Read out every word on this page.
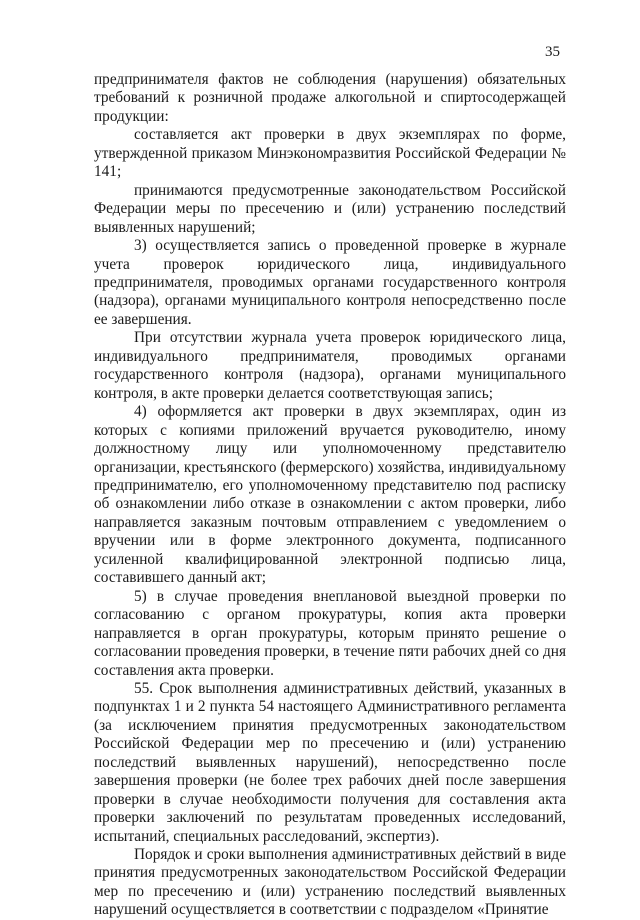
35

предпринимателя фактов не соблюдения (нарушения) обязательных требований к розничной продаже алкогольной и спиртосодержащей продукции:

составляется акт проверки в двух экземплярах по форме, утвержденной приказом Минэкономразвития Российской Федерации № 141;

принимаются предусмотренные законодательством Российской Федерации меры по пресечению и (или) устранению последствий выявленных нарушений;

3) осуществляется запись о проведенной проверке в журнале учета проверок юридического лица, индивидуального предпринимателя, проводимых органами государственного контроля (надзора), органами муниципального контроля непосредственно после ее завершения.

При отсутствии журнала учета проверок юридического лица, индивидуального предпринимателя, проводимых органами государственного контроля (надзора), органами муниципального контроля, в акте проверки делается соответствующая запись;

4) оформляется акт проверки в двух экземплярах, один из которых с копиями приложений вручается руководителю, иному должностному лицу или уполномоченному представителю организации, крестьянского (фермерского) хозяйства, индивидуальному предпринимателю, его уполномоченному представителю под расписку об ознакомлении либо отказе в ознакомлении с актом проверки, либо направляется заказным почтовым отправлением с уведомлением о вручении или в форме электронного документа, подписанного усиленной квалифицированной электронной подписью лица, составившего данный акт;

5) в случае проведения внеплановой выездной проверки по согласованию с органом прокуратуры, копия акта проверки направляется в орган прокуратуры, которым принято решение о согласовании проведения проверки, в течение пяти рабочих дней со дня составления акта проверки.

55. Срок выполнения административных действий, указанных в подпунктах 1 и 2 пункта 54 настоящего Административного регламента (за исключением принятия предусмотренных законодательством Российской Федерации мер по пресечению и (или) устранению последствий выявленных нарушений), непосредственно после завершения проверки (не более трех рабочих дней после завершения проверки в случае необходимости получения для составления акта проверки заключений по результатам проведенных исследований, испытаний, специальных расследований, экспертиз).

Порядок и сроки выполнения административных действий в виде принятия предусмотренных законодательством Российской Федерации мер по пресечению и (или) устранению последствий выявленных нарушений осуществляется в соответствии с подразделом «Принятие
